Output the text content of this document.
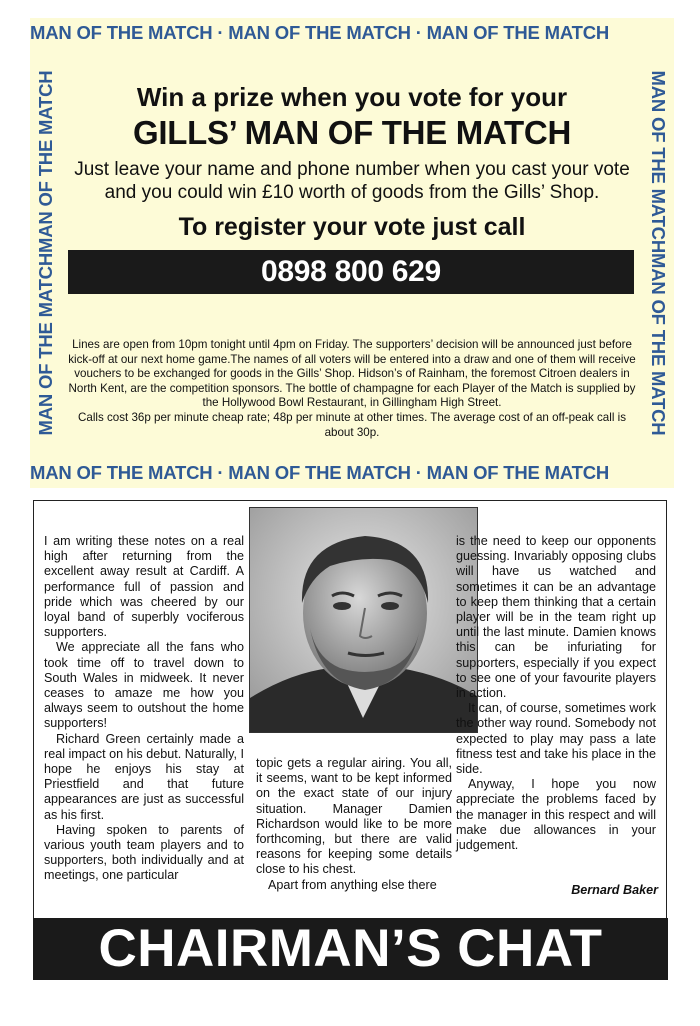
MAN OF THE MATCH · MAN OF THE MATCH · MAN OF THE MATCH
MAN OF THE MATCHMAN OF THE MATCH	MAN OF THE MATCHMAN OF THE MATCH
MAN OF THE MATCH · MAN OF THE MATCH · MAN OF THE MATCH
Win a prize when you vote for your
GILLS’ MAN OF THE MATCH
Just leave your name and phone number when you cast your vote and you could win £10 worth of goods from the Gills’ Shop.
To register your vote just call
0898 800 629

Lines are open from 10pm tonight until 4pm on Friday. The supporters’ decision will be announced just before kick-off at our next home game.The names of all voters will be entered into a draw and one of them will receive vouchers to be exchanged for goods in the Gills’ Shop. Hidson’s of Rainham, the foremost Citroen dealers in North Kent, are the competition sponsors. The bottle of champagne for each Player of the Match is supplied by the Hollywood Bowl Restaurant, in Gillingham High Street.

Calls cost 36p per minute cheap rate; 48p per minute at other times. The average cost of an off-peak call is about 30p.

I am writing these notes on a real high after returning from the excellent away result at Cardiff. A performance full of passion and pride which was cheered by our loyal band of superbly vociferous supporters.

We appreciate all the fans who took time off to travel down to South Wales in midweek. It never ceases to amaze me how you always seem to outshout the home supporters!

Richard Green certainly made a real impact on his debut. Naturally, I hope he enjoys his stay at Priestfield and that future appearances are just as successful as his first.

Having spoken to parents of various youth team players and to supporters, both individually and at meetings, one particular

topic gets a regular airing. You all, it seems, want to be kept informed on the exact state of our injury situation. Manager Damien Richardson would like to be more forthcoming, but there are valid reasons for keeping some details close to his chest.

Apart from anything else there

is the need to keep our opponents guessing. Invariably opposing clubs will have us watched and sometimes it can be an advantage to keep them thinking that a certain player will be in the team right up until the last minute. Damien knows this can be infuriating for supporters, especially if you expect to see one of your favourite players in action.

It can, of course, sometimes work the other way round. Somebody not expected to play may pass a late fitness test and take his place in the side.

Anyway, I hope you now appreciate the problems faced by the manager in this respect and will make due allowances in your judgement.

Bernard Baker
CHAIRMAN’S CHAT
